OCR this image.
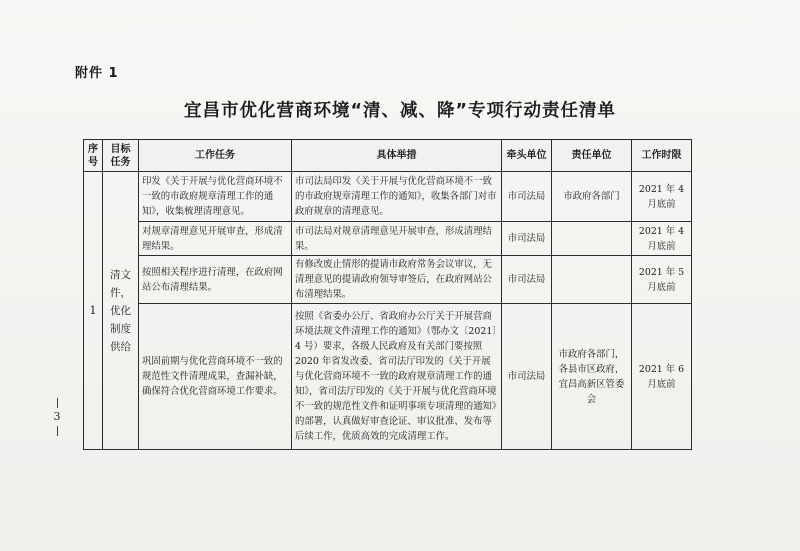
附件 1
宜昌市优化营商环境“清、减、降”专项行动责任清单
序号	目标任务	工作任务	具体举措	牵头单位	责任单位	工作时限
1	清文件，优化制度供给	印发《关于开展与优化营商环境不一致的市政府规章清理工作的通知》，收集梳理清理意见。	市司法局印发《关于开展与优化营商环境不一致的市政府规章清理工作的通知》，收集各部门对市政府规章的清理意见。	市司法局	市政府各部门	2021 年 4月底前
		对规章清理意见开展审查，形成清理结果。	市司法局对规章清理意见开展审查，形成清理结果。	市司法局		2021 年 4月底前
		按照相关程序进行清理，在政府网站公布清理结果。	有修改废止情形的提请市政府常务会议审议，无清理意见的提请政府领导审签后，在政府网站公布清理结果。	市司法局		2021 年 5月底前
		巩固前期与优化营商环境不一致的规范性文件清理成果，查漏补缺，确保符合优化营商环境工作要求。	按照《省委办公厅、省政府办公厅关于开展营商环境法规文件清理工作的通知》（鄂办文〔2021〕4 号）要求，各级人民政府及有关部门要按照 2020 年省发改委、省司法厅印发的《关于开展与优化营商环境不一致的政府规章清理工作的通知》，省司法厅印发的《关于开展与优化营商环境不一致的规范性文件和证明事项专项清理的通知》的部署，认真做好审查论证、审议批准、发布等后续工作，优质高效的完成清理工作。	市司法局	市政府各部门，各县市区政府，宜昌高新区管委会	2021 年 6月底前
3
